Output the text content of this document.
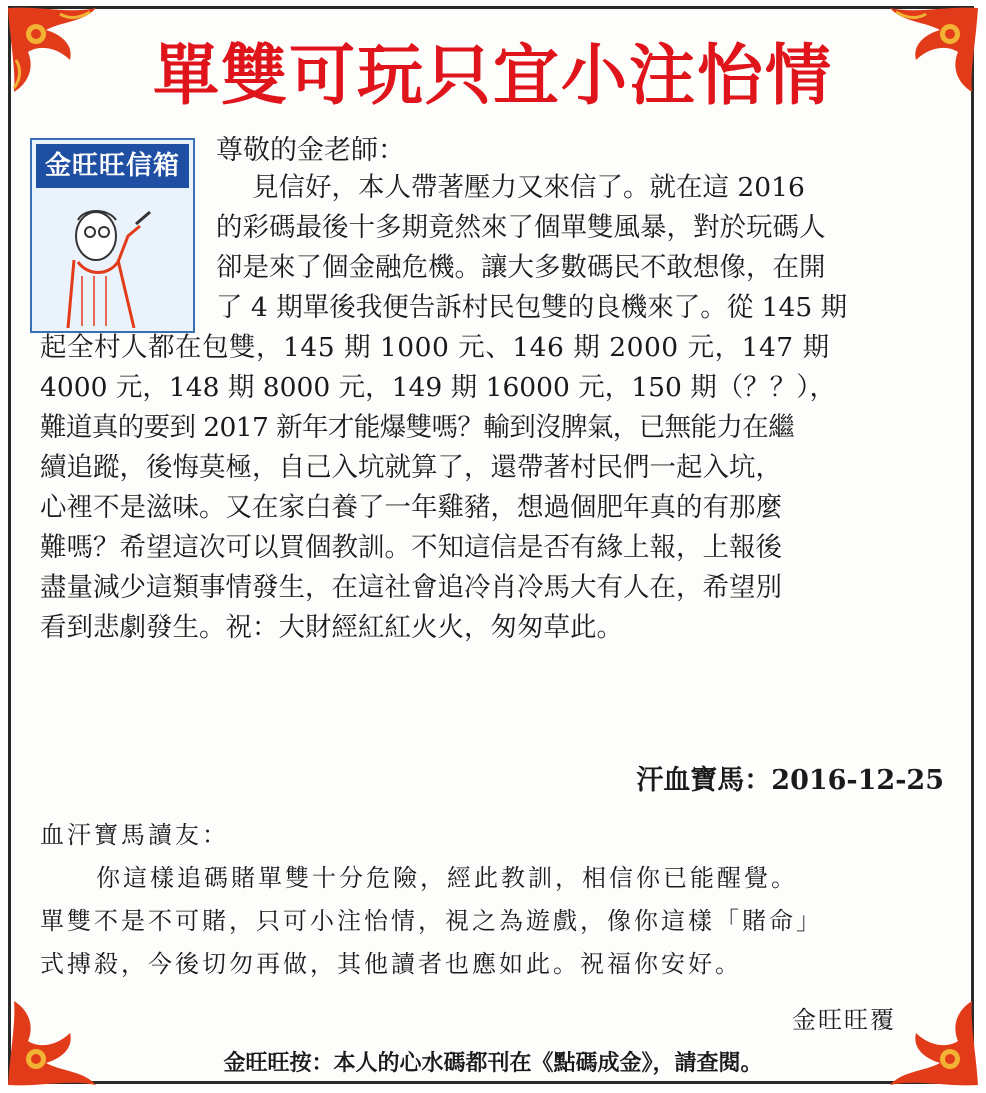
單雙可玩只宜小注怡情
金旺旺信箱	尊敬的金老師：
見信好，本人帶著壓力又來信了。就在這 2016
的彩碼最後十多期竟然來了個單雙風暴，對於玩碼人
卻是來了個金融危機。讓大多數碼民不敢想像，在開
了 4 期單後我便告訴村民包雙的良機來了。從 145 期
起全村人都在包雙，145 期 1000 元、146 期 2000 元，147 期
4000 元，148 期 8000 元，149 期 16000 元，150 期（？？），
難道真的要到 2017 新年才能爆雙嗎？輸到沒脾氣，已無能力在繼
續追蹤，後悔莫極，自己入坑就算了，還帶著村民們一起入坑，
心裡不是滋味。又在家白養了一年雞豬，想過個肥年真的有那麼
難嗎？希望這次可以買個教訓。不知這信是否有緣上報，上報後
盡量減少這類事情發生，在這社會追冷肖冷馬大有人在，希望別
看到悲劇發生。祝：大財經紅紅火火，匆匆草此。
汗血寶馬：2016-12-25
血汗寶馬讀友：
你這樣追碼賭單雙十分危險，經此教訓，相信你已能醒覺。
單雙不是不可賭，只可小注怡情，視之為遊戲，像你這樣「賭命」
式搏殺，今後切勿再做，其他讀者也應如此。祝福你安好。
金旺旺覆
金旺旺按：本人的心水碼都刊在《點碼成金》，請查閱。
